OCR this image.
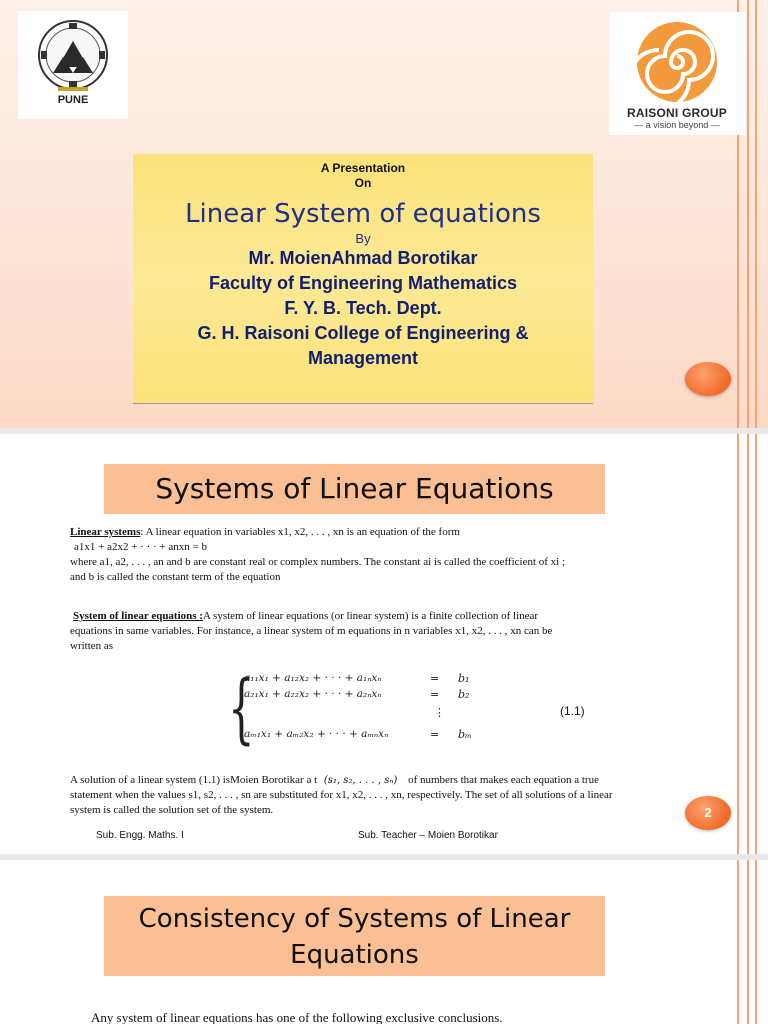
PUNE
RAISONI GROUP
— a vision beyond —
A Presentation
On
Linear System of equations
By
Mr. MoienAhmad Borotikar
Faculty of Engineering Mathematics
F. Y. B. Tech. Dept.
G. H. Raisoni College of Engineering &
Management
Systems of Linear Equations
Linear systems: A linear equation in variables x1, x2, . . . , xn is an equation of the form
a1x1 + a2x2 + · · · + anxn = b
where a1, a2, . . . , an and b are constant real or complex numbers. The constant ai is called the coefficient of xi ;
and b is called the constant term of the equation
System of linear equations :A system of linear equations (or linear system) is a finite collection of linear
equations in same variables. For instance, a linear system of m equations in n variables x1, x2, . . . , xn can be
written as
{
a₁₁x₁ + a₁₂x₂ + · · · + a₁ₙxₙ	= b₁
a₂₁x₁ + a₂₂x₂ + · · · + a₂ₙxₙ	= b₂
⋮
aₘ₁x₁ + aₘ₂x₂ + · · · + aₘₙxₙ	= bₘ
(1.1)
A solution of a linear system (1.1) isMoien Borotikar a t (s₁, s₂, . . . , sₙ) of numbers that makes each equation a true
statement when the values s1, s2, . . . , sn are substituted for x1, x2, . . . , xn, respectively. The set of all solutions of a linear
system is called the solution set of the system.
Sub. Engg. Maths. I	Sub. Teacher – Moien Borotikar
2
Consistency of Systems of Linear
Equations
Any system of linear equations has one of the following exclusive conclusions.
